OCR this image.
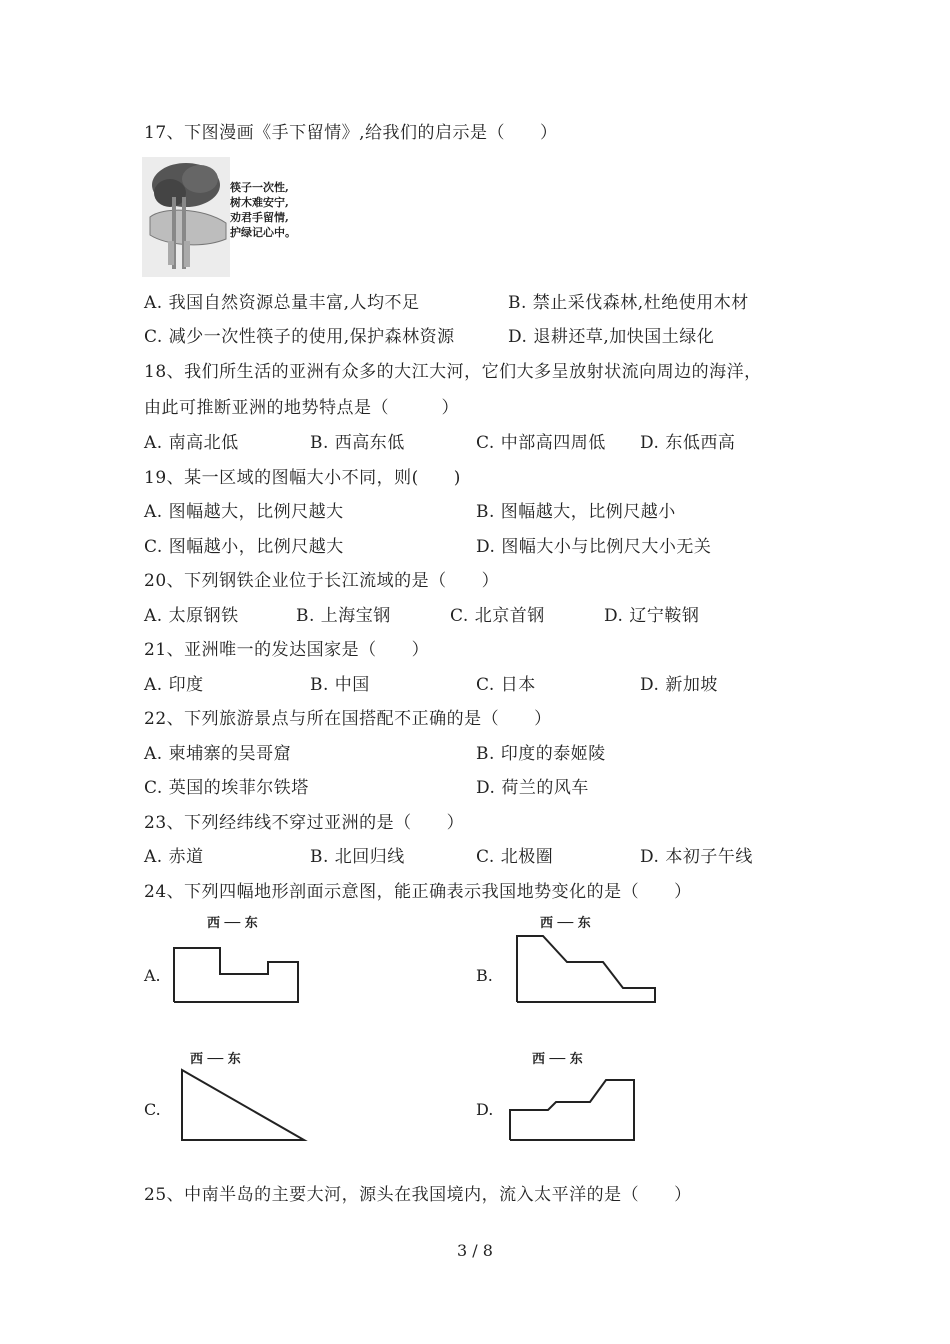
17、下图漫画《手下留情》,给我们的启示是（　　）
筷子一次性,
树木难安宁,
劝君手留情,
护绿记心中。
A. 我国自然资源总量丰富,人均不足	B. 禁止采伐森林,杜绝使用木材
C. 减少一次性筷子的使用,保护森林资源	D. 退耕还草,加快国土绿化
18、我们所生活的亚洲有众多的大江大河，它们大多呈放射状流向周边的海洋，
由此可推断亚洲的地势特点是（　　　）
A. 南高北低	B. 西高东低	C. 中部高四周低 D. 东低西高
19、某一区域的图幅大小不同，则(　　)
A. 图幅越大，比例尺越大	B. 图幅越大，比例尺越小
C. 图幅越小，比例尺越大	D. 图幅大小与比例尺大小无关
20、下列钢铁企业位于长江流域的是（　　）
A. 太原钢铁	B. 上海宝钢	C. 北京首钢	D. 辽宁鞍钢
21、亚洲唯一的发达国家是（　　）
A. 印度	B. 中国	C. 日本	D. 新加坡
22、下列旅游景点与所在国搭配不正确的是（　　）
A. 柬埔寨的吴哥窟	B. 印度的泰姬陵
C. 英国的埃菲尔铁塔	D. 荷兰的风车
23、下列经纬线不穿过亚洲的是（　　）
A. 赤道	B. 北回归线	C. 北极圈	D. 本初子午线
24、下列四幅地形剖面示意图，能正确表示我国地势变化的是（　　）
西 ── 东
A.
西 ── 东
B.
西 ── 东
C.
西 ── 东
D.
25、中南半岛的主要大河，源头在我国境内，流入太平洋的是（　　）
3 / 8
